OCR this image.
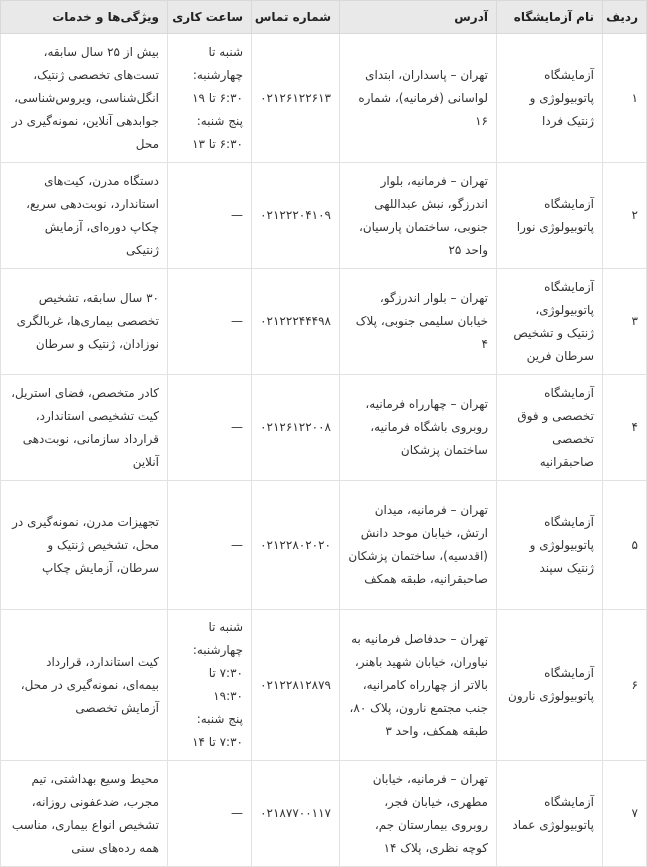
ردیف	نام آزمایشگاه	آدرس	شماره تماس	ساعت کاری	ویژگی‌ها و خدمات
۱	آزمایشگاه پاتوبیولوژی و ژنتیک فردا	تهران – پاسداران، ابتدای لواسانی (فرمانیه)، شماره ۱۶	۰۲۱۲۶۱۲۲۶۱۳	شنبه تا چهارشنبه: ۶:۳۰ تا ۱۹
پنج شنبه: ۶:۳۰ تا ۱۳	بیش از ۲۵ سال سابقه، تست‌های تخصصی ژنتیک، انگل‌شناسی، ویروس‌شناسی، جوابدهی آنلاین، نمونه‌گیری در محل
۲	آزمایشگاه پاتوبیولوژی نورا	تهران – فرمانیه، بلوار اندرزگو، نبش عبداللهی جنوبی، ساختمان پارسیان، واحد ۲۵	۰۲۱۲۲۲۰۴۱۰۹	—	دستگاه مدرن، کیت‌های استاندارد، نوبت‌دهی سریع، چکاپ دوره‌ای، آزمایش ژنتیکی
۳	آزمایشگاه پاتوبیولوژی، ژنتیک و تشخیص سرطان فرین	تهران – بلوار اندرزگو، خیابان سلیمی جنوبی، پلاک ۴	۰۲۱۲۲۲۴۴۴۹۸	—	۳۰ سال سابقه، تشخیص تخصصی بیماری‌ها، غربالگری نوزادان، ژنتیک و سرطان
۴	آزمایشگاه تخصصی و فوق تخصصی صاحبقرانیه	تهران – چهارراه فرمانیه، روبروی باشگاه فرمانیه، ساختمان پزشکان	۰۲۱۲۶۱۲۲۰۰۸	—	کادر متخصص، فضای استریل، کیت تشخیصی استاندارد، قرارداد سازمانی، نوبت‌دهی آنلاین
۵	آزمایشگاه پاتوبیولوژی و ژنتیک سپند	تهران – فرمانیه، میدان ارتش، خیابان موحد دانش (اقدسیه)، ساختمان پزشکان صاحبقرانیه، طبقه همکف	۰۲۱۲۲۸۰۲۰۲۰	—	تجهیزات مدرن، نمونه‌گیری در محل، تشخیص ژنتیک و سرطان، آزمایش چکاپ
۶	آزمایشگاه پاتوبیولوژی نارون	تهران – حدفاصل فرمانیه به نیاوران، خیابان شهید باهنر، بالاتر از چهارراه کامرانیه، جنب مجتمع نارون، پلاک ۸۰، طبقه همکف، واحد ۳	۰۲۱۲۲۸۱۲۸۷۹	شنبه تا چهارشنبه: ۷:۳۰ تا ۱۹:۳۰
پنج شنبه: ۷:۳۰ تا ۱۴	کیت استاندارد، قرارداد بیمه‌ای، نمونه‌گیری در محل، آزمایش تخصصی
۷	آزمایشگاه پاتوبیولوژی عماد	تهران – فرمانیه، خیابان مطهری، خیابان فجر، روبروی بیمارستان جم، کوچه نظری، پلاک ۱۴	۰۲۱۸۷۷۰۰۱۱۷	—	محیط وسیع بهداشتی، تیم مجرب، ضدعفونی روزانه، تشخیص انواع بیماری، مناسب همه رده‌های سنی
